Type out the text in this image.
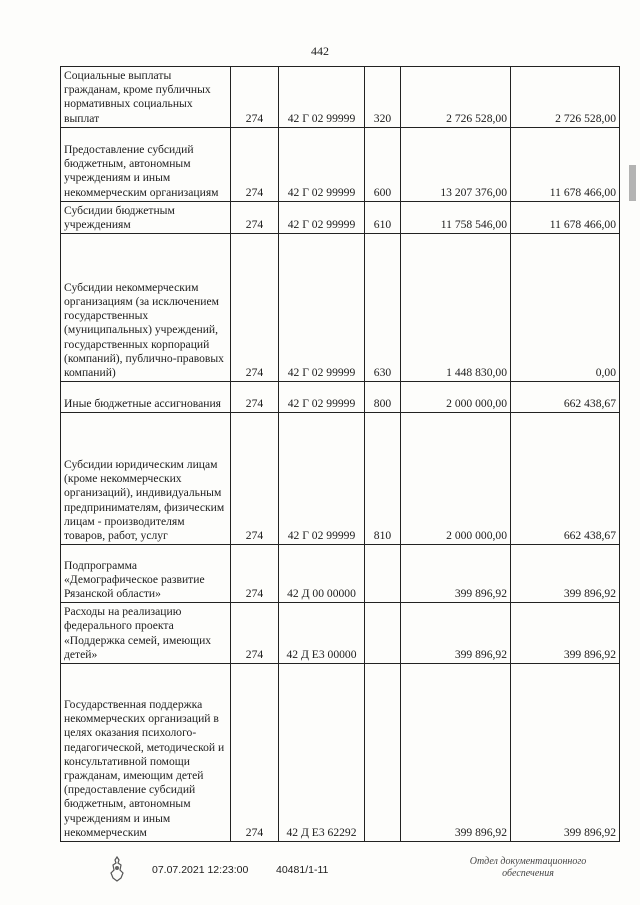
442
Социальные выплаты гражданам, кроме публичных нормативных социальных выплат	274	42 Г 02 99999	320	2 726 528,00	2 726 528,00
Предоставление субсидий бюджетным, автономным учреждениям и иным некоммерческим организациям	274	42 Г 02 99999	600	13 207 376,00	11 678 466,00
Субсидии бюджетным учреждениям	274	42 Г 02 99999	610	11 758 546,00	11 678 466,00
Субсидии некоммерческим организациям (за исключением государственных (муниципальных) учреждений, государственных корпораций (компаний), публично-правовых компаний)	274	42 Г 02 99999	630	1 448 830,00	0,00
Иные бюджетные ассигнования	274	42 Г 02 99999	800	2 000 000,00	662 438,67
Субсидии юридическим лицам (кроме некоммерческих организаций), индивидуальным предпринимателям, физическим лицам - производителям товаров, работ, услуг	274	42 Г 02 99999	810	2 000 000,00	662 438,67
Подпрограмма «Демографическое развитие Рязанской области»	274	42 Д 00 00000		399 896,92	399 896,92
Расходы на реализацию федерального проекта «Поддержка семей, имеющих детей»	274	42 Д Е3 00000		399 896,92	399 896,92
Государственная поддержка некоммерческих организаций в целях оказания психолого-педагогической, методической и консультативной помощи гражданам, имеющим детей (предоставление субсидий бюджетным, автономным учреждениям и иным некоммерческим	274	42 Д Е3 62292		399 896,92	399 896,92
07.07.2021 12:23:00	40481/1-11
Отдел документационного обеспечения
